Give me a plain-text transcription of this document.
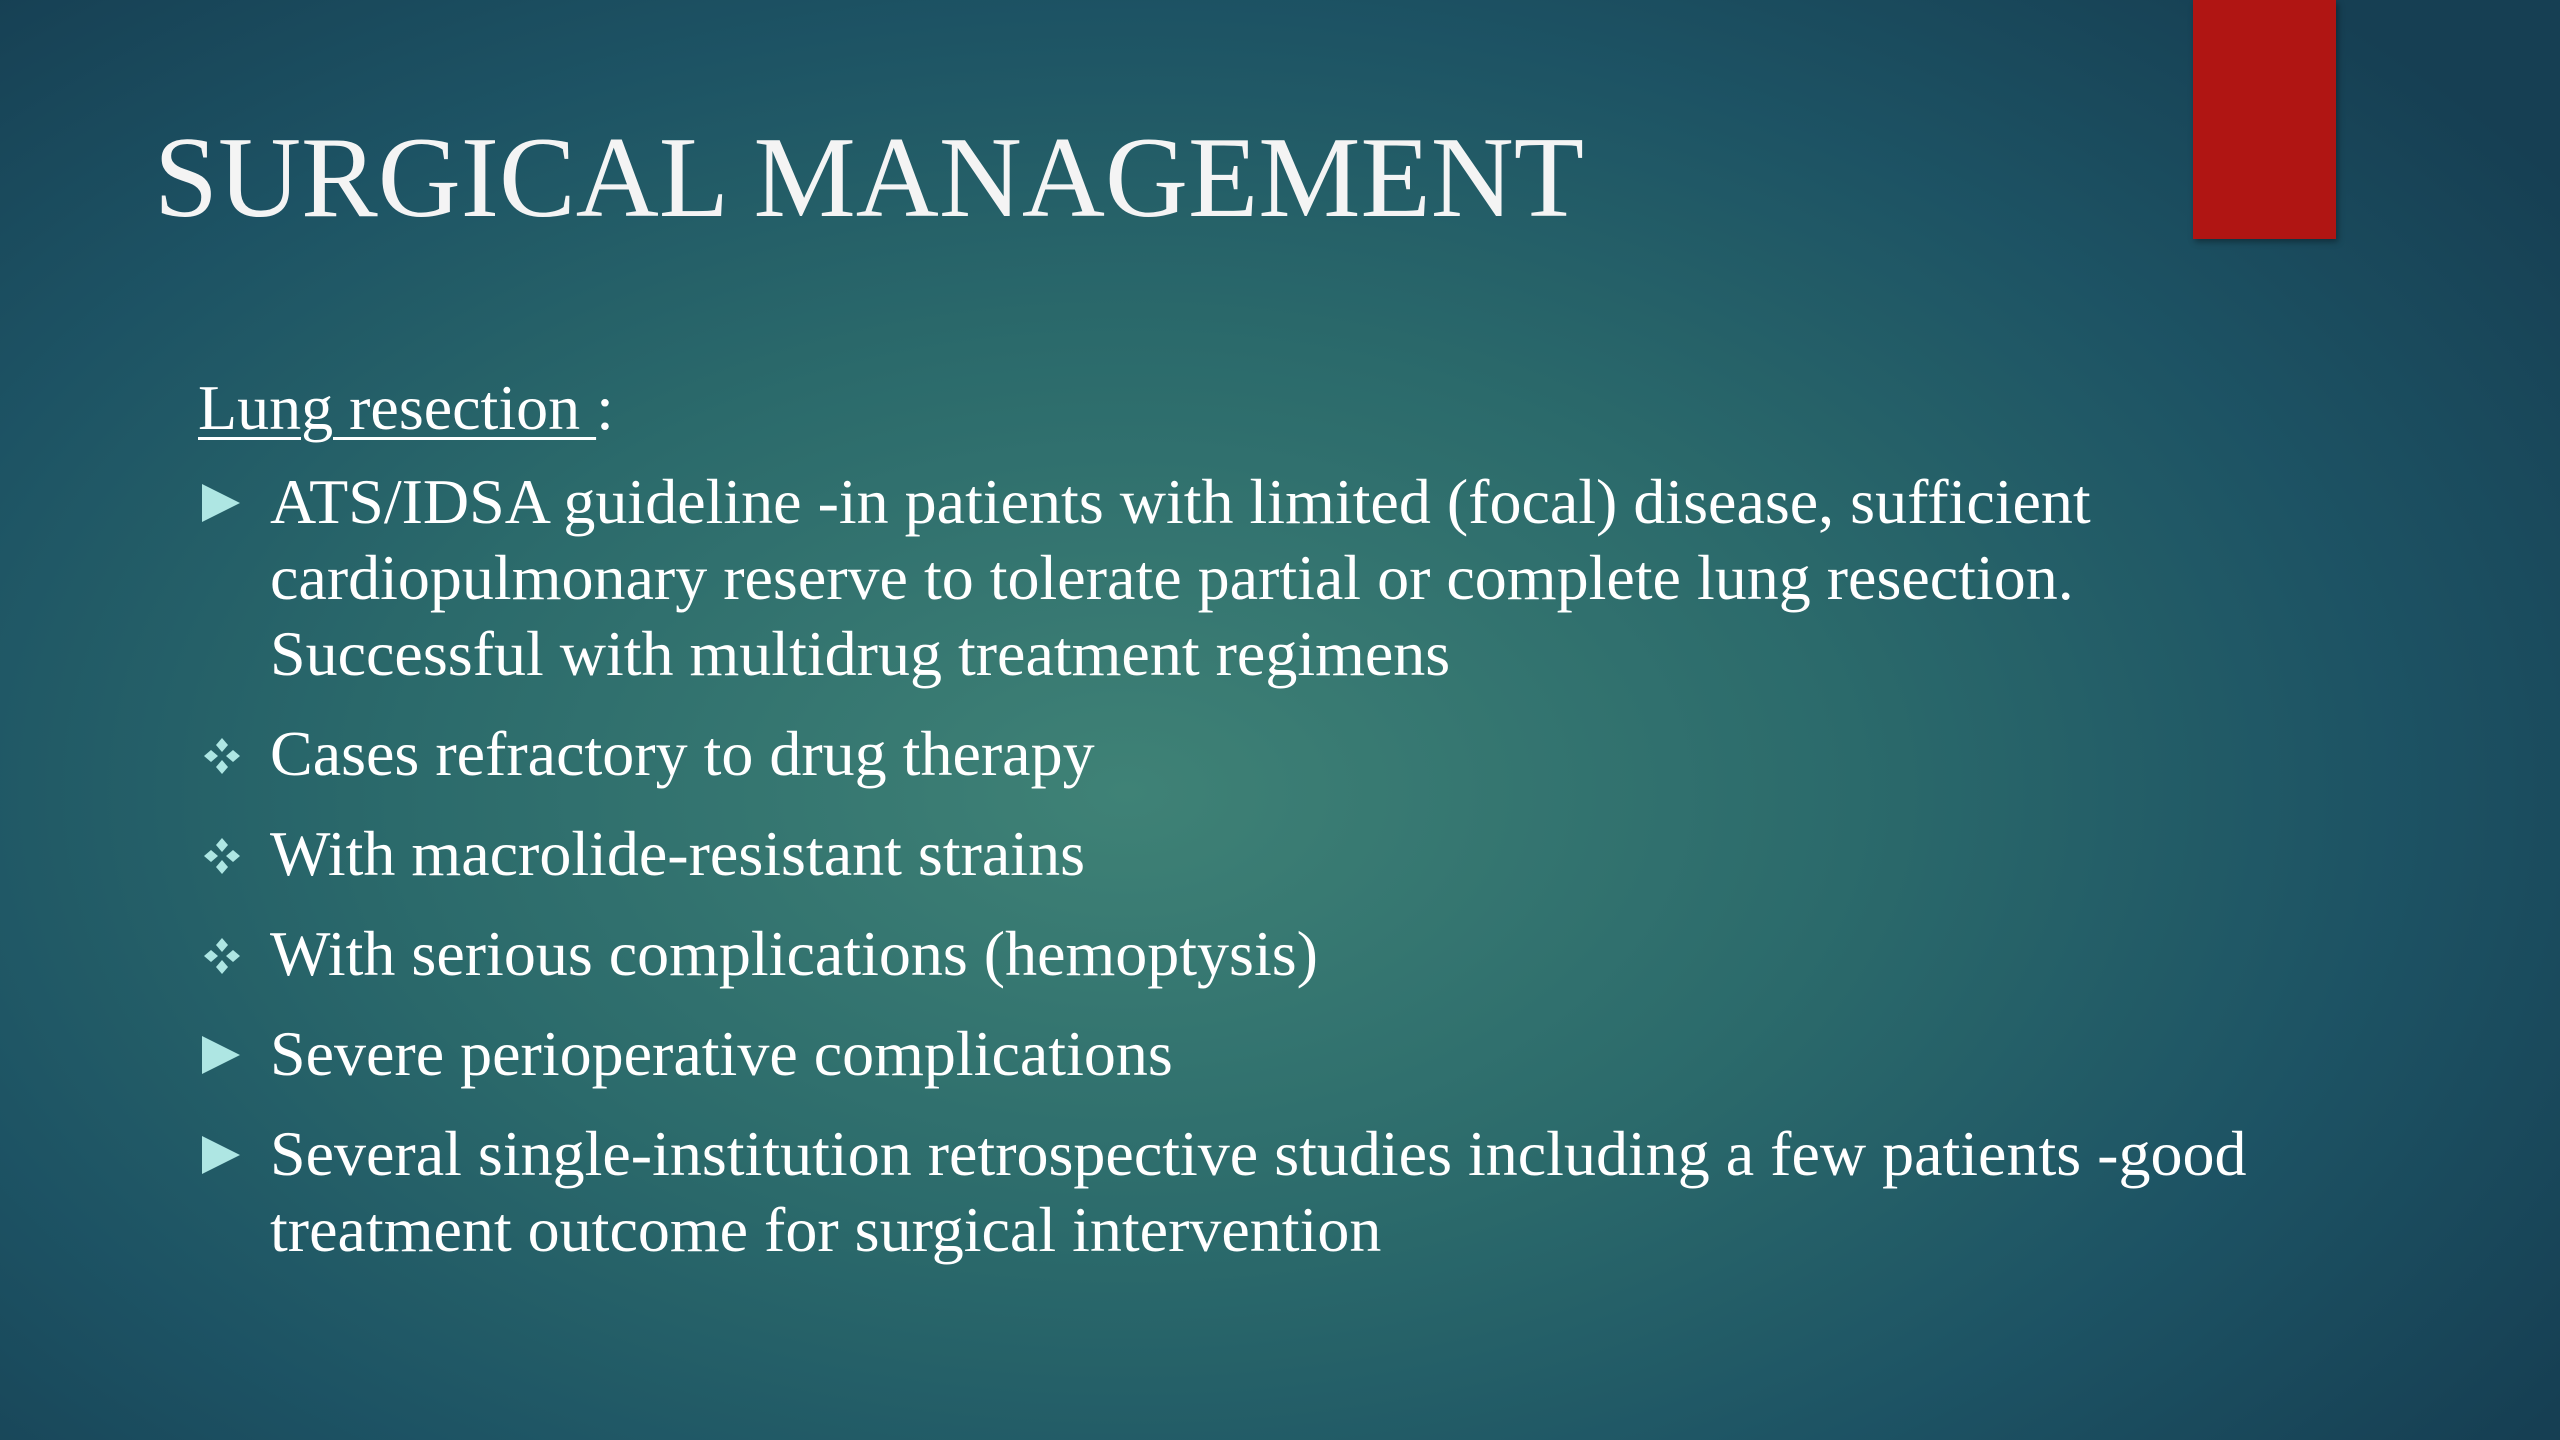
SURGICAL MANAGEMENT
Lung resection :
ATS/IDSA guideline -in patients with limited (focal) disease, sufficient
cardiopulmonary reserve to tolerate partial or complete lung resection.
Successful with multidrug treatment regimens
Cases refractory to drug therapy
With macrolide-resistant strains
With serious complications (hemoptysis)
Severe perioperative complications
Several single-institution retrospective studies including a few patients -good
treatment outcome for surgical intervention
